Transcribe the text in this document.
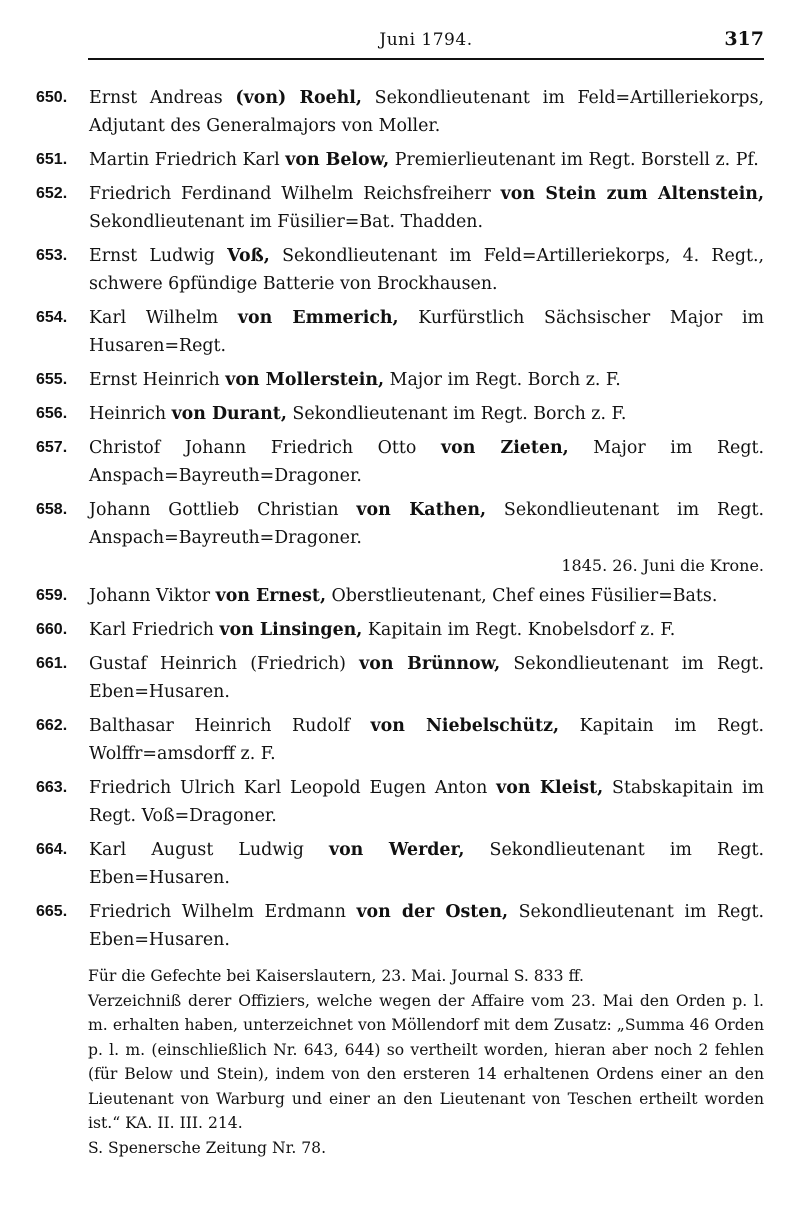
Juni 1794.	317
650. Ernst Andreas (von) Roehl, Sekondlieutenant im Feld=Artilleriekorps, Adjutant des Generalmajors von Moller.
651. Martin Friedrich Karl von Below, Premierlieutenant im Regt. Borstell z. Pf.
652. Friedrich Ferdinand Wilhelm Reichsfreiherr von Stein zum Altenstein, Sekondlieutenant im Füsilier=Bat. Thadden.
653. Ernst Ludwig Voß, Sekondlieutenant im Feld=Artilleriekorps, 4. Regt., schwere 6pfündige Batterie von Brockhausen.
654. Karl Wilhelm von Emmerich, Kurfürstlich Sächsischer Major im Husaren=Regt.
655. Ernst Heinrich von Mollerstein, Major im Regt. Borch z. F.
656. Heinrich von Durant, Sekondlieutenant im Regt. Borch z. F.
657. Christof Johann Friedrich Otto von Zieten, Major im Regt. Anspach=Bayreuth=Dragoner.
658. Johann Gottlieb Christian von Kathen, Sekondlieutenant im Regt. Anspach=Bayreuth=Dragoner.
1845. 26. Juni die Krone.
659. Johann Viktor von Ernest, Oberstlieutenant, Chef eines Füsilier=Bats.
660. Karl Friedrich von Linsingen, Kapitain im Regt. Knobelsdorf z. F.
661. Gustaf Heinrich (Friedrich) von Brünnow, Sekondlieutenant im Regt. Eben=Husaren.
662. Balthasar Heinrich Rudolf von Niebelschütz, Kapitain im Regt. Wolffr=amsdorff z. F.
663. Friedrich Ulrich Karl Leopold Eugen Anton von Kleist, Stabskapitain im Regt. Voß=Dragoner.
664. Karl August Ludwig von Werder, Sekondlieutenant im Regt. Eben=Husaren.
665. Friedrich Wilhelm Erdmann von der Osten, Sekondlieutenant im Regt. Eben=Husaren.
Für die Gefechte bei Kaiserslautern, 23. Mai. Journal S. 833 ff.
Verzeichniß derer Offiziers, welche wegen der Affaire vom 23. Mai den Orden p. l. m. erhalten haben, unterzeichnet von Möllendorf mit dem Zusatz: „Summa 46 Orden p. l. m. (einschließlich Nr. 643, 644) so vertheilt worden, hieran aber noch 2 fehlen (für Below und Stein), indem von den ersteren 14 erhaltenen Ordens einer an den Lieutenant von Warburg und einer an den Lieutenant von Teschen ertheilt worden ist.“ KA. II. III. 214.
S. Spenersche Zeitung Nr. 78.
